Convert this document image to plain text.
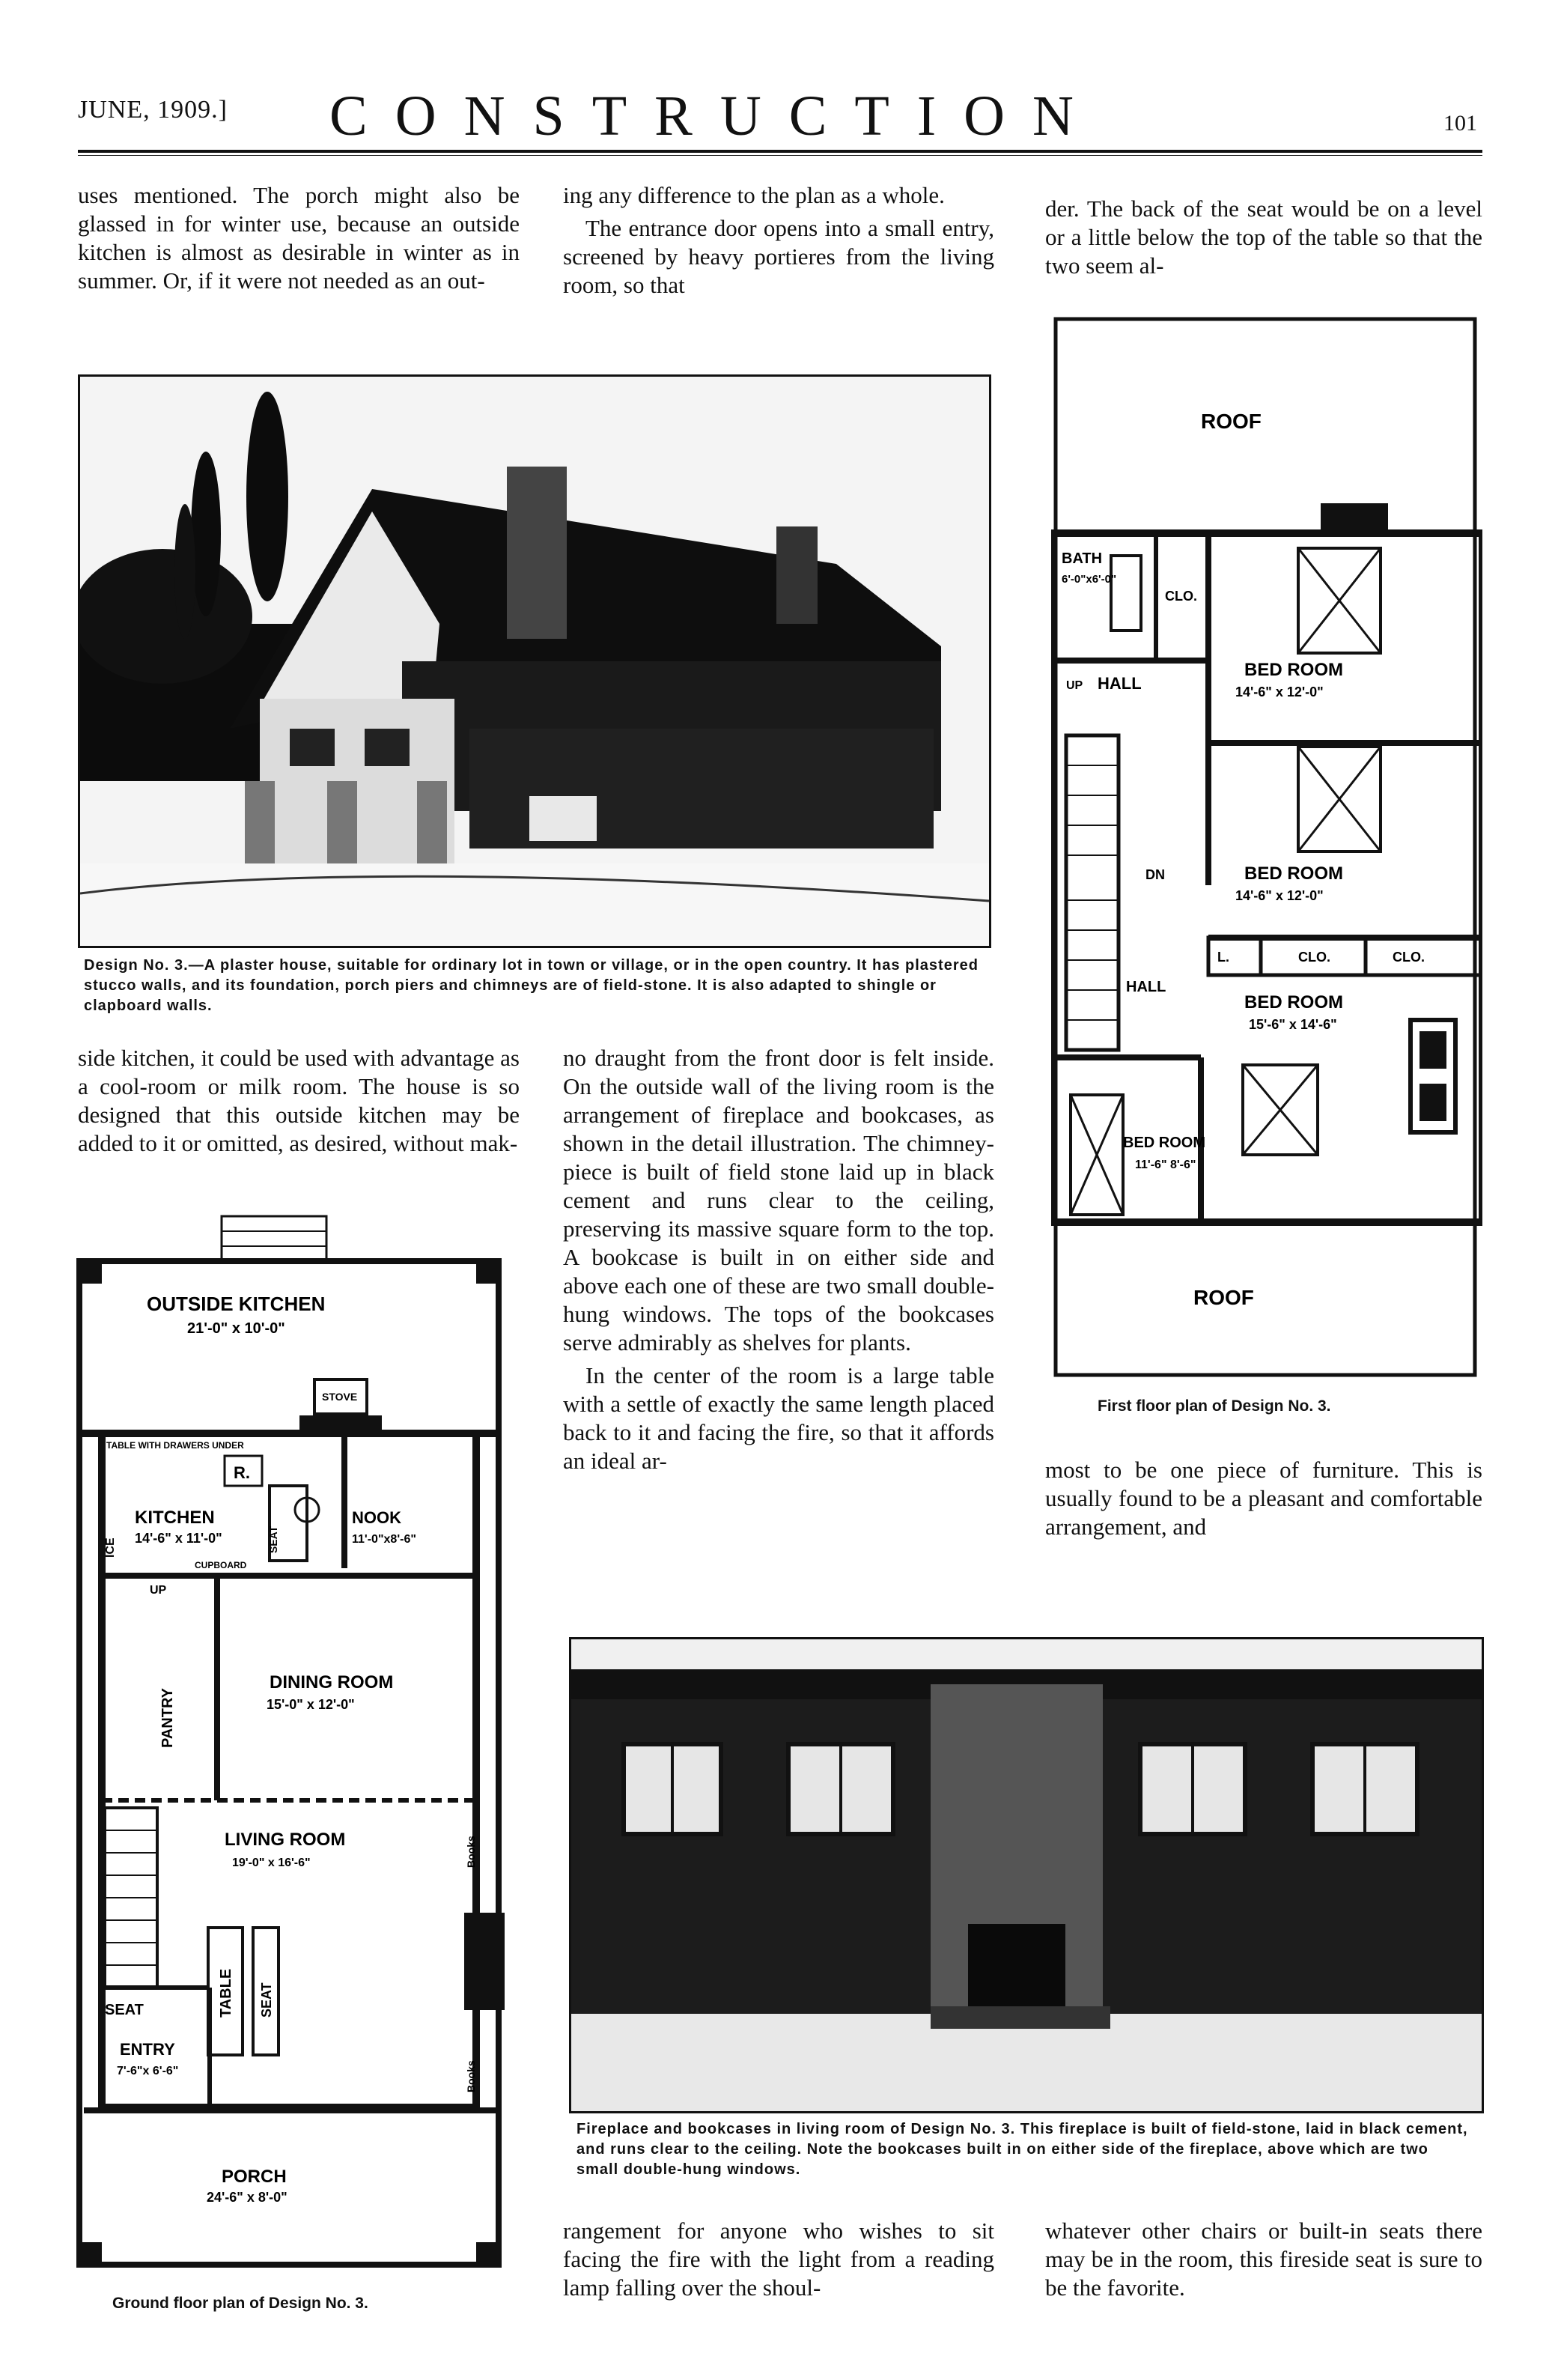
JUNE, 1909.] CONSTRUCTION	101

uses mentioned. The porch might also be glassed in for winter use, because an outside kitchen is almost as desirable in winter as in summer. Or, if it were not needed as an out-

ing any difference to the plan as a whole.

The entrance door opens into a small entry, screened by heavy portieres from the living room, so that

der. The back of the seat would be on a level or a little below the top of the table so that the two seem al-

Design No. 3.—A plaster house, suitable for ordinary lot in town or village, or in the open country. It has plastered stucco walls, and its foundation, porch piers and chimneys are of field-stone. It is also adapted to shingle or clapboard walls.

side kitchen, it could be used with advantage as a cool-room or milk room. The house is so designed that this outside kitchen may be added to it or omitted, as desired, without mak-

no draught from the front door is felt inside. On the outside wall of the living room is the arrangement of fireplace and bookcases, as shown in the detail illustration. The chimney-piece is built of field stone laid up in black cement and runs clear to the ceiling, preserving its massive square form to the top. A bookcase is built in on either side and above each one of these are two small double-hung windows. The tops of the bookcases serve admirably as shelves for plants.

In the center of the room is a large table with a settle of exactly the same length placed back to it and facing the fire, so that it affords an ideal ar-	most to be one piece of furniture. This is usually found to be a pleasant and comfortable arrangement, and

ROOF
ROOF
BATH
6'-0"x6'-0"
CLO.
HALL
UP
DN
BED ROOM
14'-6" x 12'-0"
BED ROOM
14'-6" x 12'-0"
BED ROOM
15'-6" x 14'-6"
BED ROOM
11'-6" 8'-6"
L.	CLO.	CLO.
HALL
First floor plan of Design No. 3.
OUTSIDE KITCHEN
21'-0" x 10'-0"
STOVE
TABLE WITH DRAWERS UNDER
R.
KITCHEN
14'-6" x 11'-0"
NOOK
11'-0"x8'-6"
SEAT
ICE
CUPBOARD
UP
PANTRY
DINING ROOM
15'-0" x 12'-0"
LIVING ROOM
19'-0" x 16'-6"
TABLE SEAT
Books
Books
SEAT
ENTRY
7'-6"x 6'-6"
PORCH
24'-6" x 8'-0"
Ground floor plan of Design No. 3.
Fireplace and bookcases in living room of Design No. 3. This fireplace is built of field-stone, laid in black cement, and runs clear to the ceiling. Note the bookcases built in on either side of the fireplace, above which are two small double-hung windows.

rangement for anyone who wishes to sit facing the fire with the light from a reading lamp falling over the shoul-

whatever other chairs or built-in seats there may be in the room, this fireside seat is sure to be the favorite.
